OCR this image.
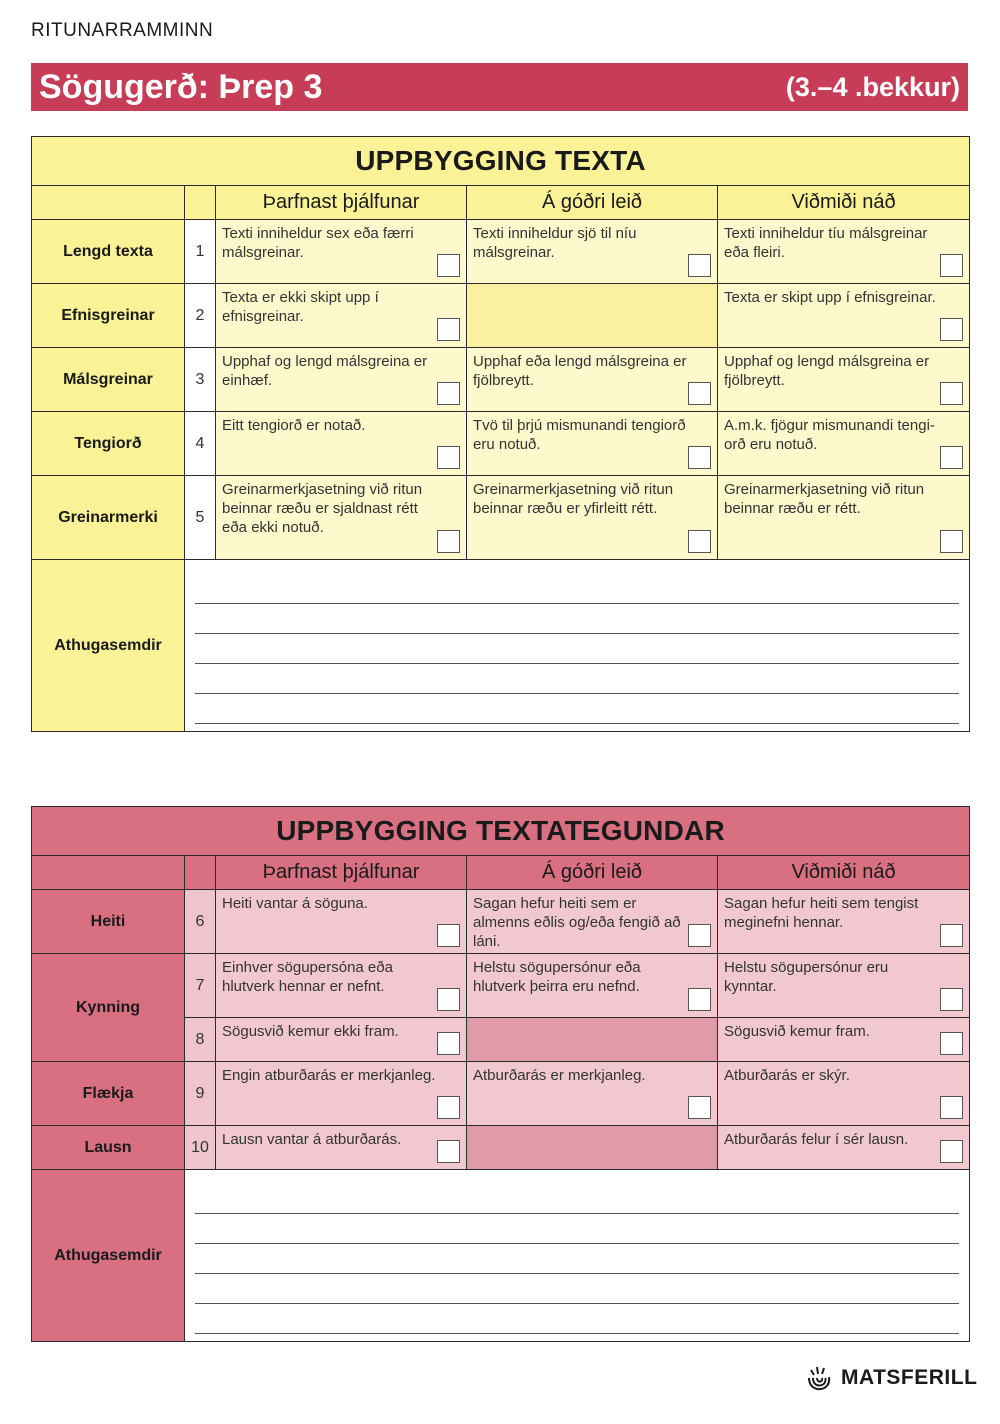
RITUNARRAMMINN
Sögugerð: Þrep 3	(3.–4 .bekkur)
UPPBYGGING TEXTA				
		Þarfnast þjálfunar	Á góðri leið	Viðmiði náð
Lengd texta	1	Texti inniheldur sex eða færri málsgreinar.	Texti inniheldur sjö til níu málsgreinar.	Texti inniheldur tíu málsgreinar eða fleiri.

Efnisgreinar	2	Texta er ekki skipt upp í efnisgreinar.		Texta er skipt upp í efnisgreinar.

Málsgreinar	3	Upphaf og lengd málsgreina er einhæf.	Upphaf eða lengd málsgreina er fjölbreytt.	Upphaf og lengd málsgreina er fjölbreytt.

Tengiorð	4	Eitt tengiorð er notað.	Tvö til þrjú mismunandi tengiorð eru notuð.	A.m.k. fjögur mismunandi tengi-orð eru notuð.

Greinarmerki	5	Greinarmerkjasetning við ritun beinnar ræðu er sjaldnast rétt eða ekki notuð.	Greinarmerkjasetning við ritun beinnar ræðu er yfirleitt rétt.	Greinarmerkjasetning við ritun beinnar ræðu er rétt.

Athugasemdir				
UPPBYGGING TEXTATEGUNDAR				
		Þarfnast þjálfunar	Á góðri leið	Viðmiði náð
Heiti	6	Heiti vantar á söguna.	Sagan hefur heiti sem er almenns eðlis og/eða fengið að láni.	Sagan hefur heiti sem tengist meginefni hennar.

Kynning	7	Einhver sögupersóna eða hlutverk hennar er nefnt.	Helstu sögupersónur eða hlutverk þeirra eru nefnd.	Helstu sögupersónur eru kynntar.

	8	Sögusvið kemur ekki fram.		Sögusvið kemur fram.

Flækja	9	Engin atburðarás er merkjanleg.	Atburðarás er merkjanleg.	Atburðarás er skýr.

Lausn	10	Lausn vantar á atburðarás.		Atburðarás felur í sér lausn.

Athugasemdir				
MATSFERILL
